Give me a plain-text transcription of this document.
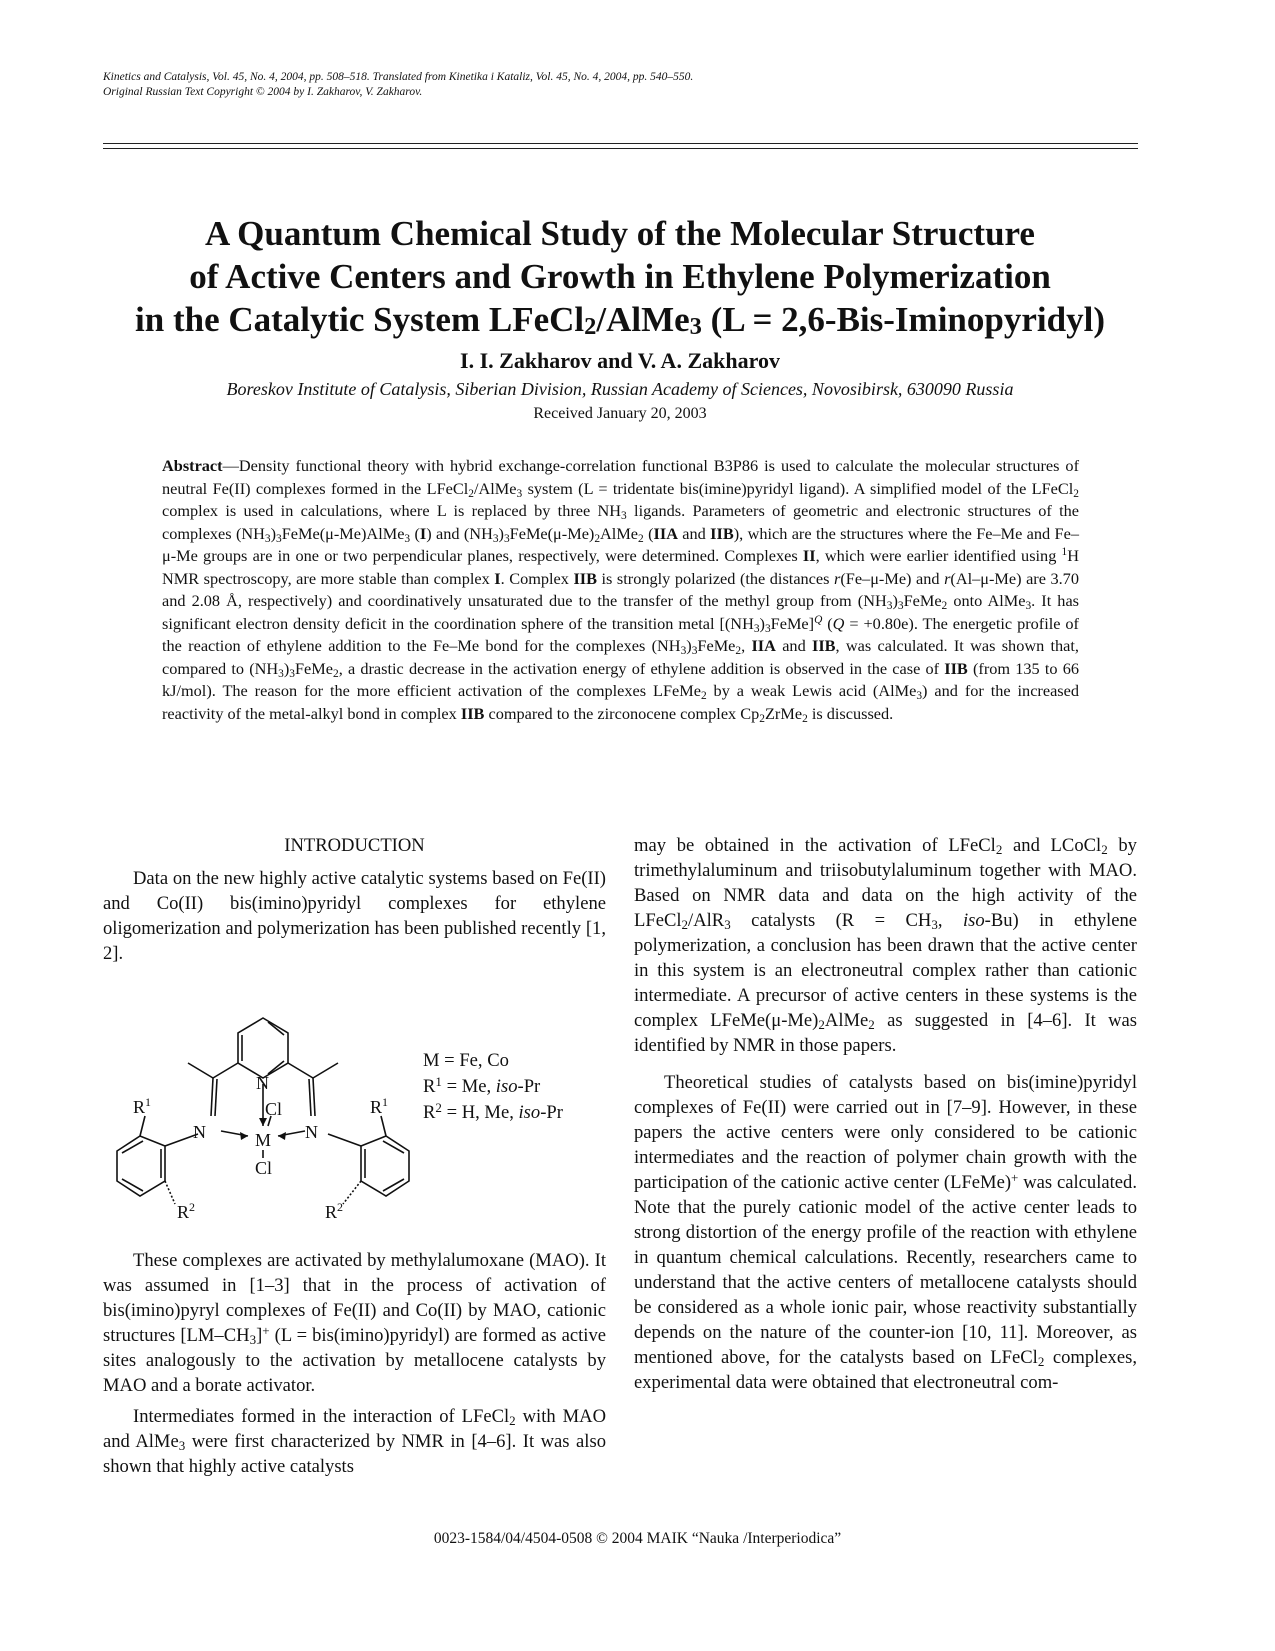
Kinetics and Catalysis, Vol. 45, No. 4, 2004, pp. 508–518. Translated from Kinetika i Kataliz, Vol. 45, No. 4, 2004, pp. 540–550.
Original Russian Text Copyright © 2004 by I. Zakharov, V. Zakharov.
A Quantum Chemical Study of the Molecular Structure
of Active Centers and Growth in Ethylene Polymerization
in the Catalytic System LFeCl$_2$/AlMe$_3$ (L = 2,6-Bis-Iminopyridyl)
I. I. Zakharov and V. A. Zakharov
Boreskov Institute of Catalysis, Siberian Division, Russian Academy of Sciences, Novosibirsk, 630090 Russia
Received January 20, 2003

Abstract—Density functional theory with hybrid exchange-correlation functional B3P86 is used to calculate the molecular structures of neutral Fe(II) complexes formed in the LFeCl$_2$/AlMe$_3$ system (L = tridentate bis(imine)pyridyl ligand). A simplified model of the LFeCl$_2$ complex is used in calculations, where L is replaced by three $NH_3$ ligands. Parameters of geometric and electronic structures of the complexes $(NH_3)_3FeMe(\mu-Me)AlMe_3$ (I) and $(NH_3)_3FeMe(\mu-Me)_2AlMe_2$ (IIA and IIB), which are the structures where the Fe–Me and Fe–μ-Me groups are in one or two perpendicular planes, respectively, were determined. Complexes II, which were earlier identified using $^1$H NMR spectroscopy, are more stable than complex I. Complex IIB is strongly polarized (the distances r(Fe–μ-Me) and r(Al–μ-Me) are 3.70 and 2.08 Å, respectively) and coordinatively unsaturated due to the transfer of the methyl group from $(NH_3)_3FeMe_2$ onto AlMe$_3$. It has significant electron density deficit in the coordination sphere of the transition metal $[(NH_3)_3FeMe]^Q$ (Q = +0.80e). The energetic profile of the reaction of ethylene addition to the Fe–Me bond for the complexes $(NH_3)_3FeMe_2$, IIA and IIB, was calculated. It was shown that, compared to $(NH_3)_3FeMe_2$, a drastic decrease in the activation energy of ethylene addition is observed in the case of IIB (from 135 to 66 kJ/mol). The reason for the more efficient activation of the complexes LFeMe$_2$ by a weak Lewis acid (AlMe$_3$) and for the increased reactivity of the metal-alkyl bond in complex IIB compared to the zirconocene complex $Cp_2ZrMe_2$ is discussed.

INTRODUCTION

Data on the new highly active catalytic systems based on Fe(II) and Co(II) bis(imino)pyridyl complexes for ethylene oligomerization and polymerization has been published recently [1, 2].

N
N	N
M
Cl
Cl
$R^1$	$R^1$
$R^2$	$R^2$
M = Fe, Co
$R^1 = Me$, iso-Pr
$R^2 = H$, Me, iso-Pr

These complexes are activated by methylalumoxane (MAO). It was assumed in [1–3] that in the process of activation of bis(imino)pyryl complexes of Fe(II) and Co(II) by MAO, cationic structures $[LM-CH_3]^+$ (L = bis(imino)pyridyl) are formed as active sites analogously to the activation by metallocene catalysts by MAO and a borate activator.

Intermediates formed in the interaction of LFeCl$_2$ with MAO and AlMe$_3$ were first characterized by NMR in [4–6]. It was also shown that highly active catalysts

may be obtained in the activation of LFeCl$_2$ and LCoCl$_2$ by trimethylaluminum and triisobutylaluminum together with MAO. Based on NMR data and data on the high activity of the LFeCl$_2$/AlR$_3$ catalysts ($R = CH_3$, iso-Bu) in ethylene polymerization, a conclusion has been drawn that the active center in this system is an electroneutral complex rather than cationic intermediate. A precursor of active centers in these systems is the complex $LFeMe(\mu-Me)_2AlMe_2$ as suggested in [4–6]. It was identified by NMR in those papers.

Theoretical studies of catalysts based on bis(imine)pyridyl complexes of Fe(II) were carried out in [7–9]. However, in these papers the active centers were only considered to be cationic intermediates and the reaction of polymer chain growth with the participation of the cationic active center (LFeMe)+ was calculated. Note that the purely cationic model of the active center leads to strong distortion of the energy profile of the reaction with ethylene in quantum chemical calculations. Recently, researchers came to understand that the active centers of metallocene catalysts should be considered as a whole ionic pair, whose reactivity substantially depends on the nature of the counter-ion [10, 11]. Moreover, as mentioned above, for the catalysts based on LFeCl$_2$ complexes, experimental data were obtained that electroneutral com-

0023-1584/04/4504-0508 © 2004 MAIK “Nauka /Interperiodica”
